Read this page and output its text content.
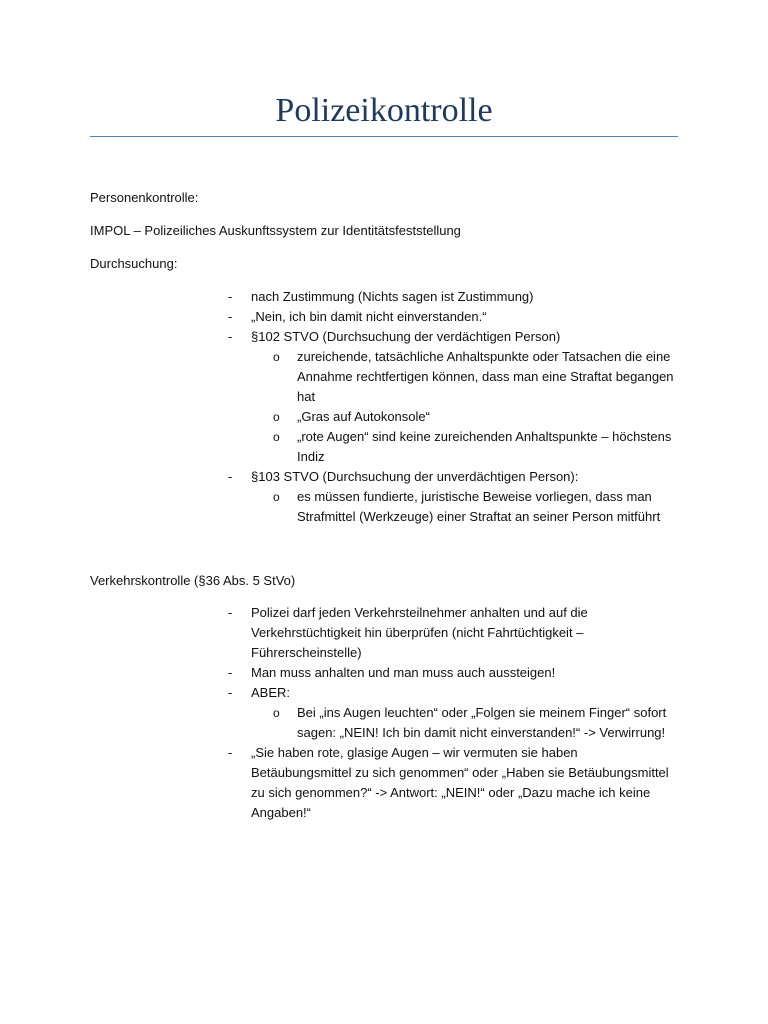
Polizeikontrolle

Personenkontrolle:

IMPOL – Polizeiliches Auskunftssystem zur Identitätsfeststellung

Durchsuchung:

-	nach Zustimmung (Nichts sagen ist Zustimmung)
-	„Nein, ich bin damit nicht einverstanden.“
-	§102 STVO (Durchsuchung der verdächtigen Person)
o	zureichende, tatsächliche Anhaltspunkte oder Tatsachen die eine Annahme rechtfertigen können, dass man eine Straftat begangen hat
o	„Gras auf Autokonsole“
o	„rote Augen“ sind keine zureichenden Anhaltspunkte – höchstens Indiz
-	§103 STVO (Durchsuchung der unverdächtigen Person):
o	es müssen fundierte, juristische Beweise vorliegen, dass man Strafmittel (Werkzeuge) einer Straftat an seiner Person mitführt

Verkehrskontrolle (§36 Abs. 5 StVo)

-	Polizei darf jeden Verkehrsteilnehmer anhalten und auf die Verkehrstüchtigkeit hin überprüfen (nicht Fahrtüchtigkeit – Führerscheinstelle)
-	Man muss anhalten und man muss auch aussteigen!
-	ABER:
o	Bei „ins Augen leuchten“ oder „Folgen sie meinem Finger“ sofort sagen: „NEIN! Ich bin damit nicht einverstanden!“ -> Verwirrung!
-	„Sie haben rote, glasige Augen – wir vermuten sie haben Betäubungsmittel zu sich genommen“ oder „Haben sie Betäubungsmittel zu sich genommen?“ -> Antwort: „NEIN!“ oder „Dazu mache ich keine Angaben!“
